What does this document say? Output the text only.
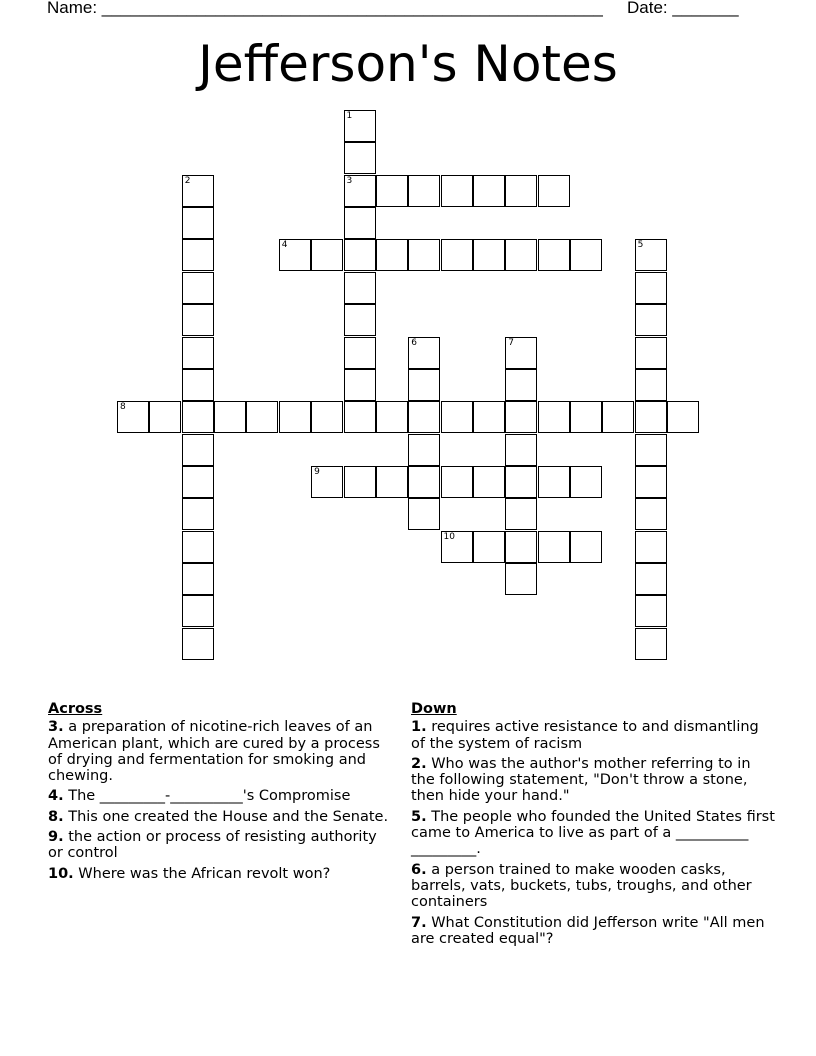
Name: _____________________________________________________ Date: _______
Jefferson's Notes
1
3
2
4	5
6	7
8
9
10
Across
3. a preparation of nicotine-rich leaves of an American plant, which are cured by a process of drying and fermentation for smoking and chewing.
4. The _________-__________'s Compromise
8. This one created the House and the Senate.
9. the action or process of resisting authority or control
10. Where was the African revolt won?
Down
1. requires active resistance to and dismantling of the system of racism
2. Who was the author's mother referring to in the following statement, "Don't throw a stone, then hide your hand."
5. The people who founded the United States first came to America to live as part of a __________ _________.
6. a person trained to make wooden casks, barrels, vats, buckets, tubs, troughs, and other containers
7. What Constitution did Jefferson write "All men are created equal"?
